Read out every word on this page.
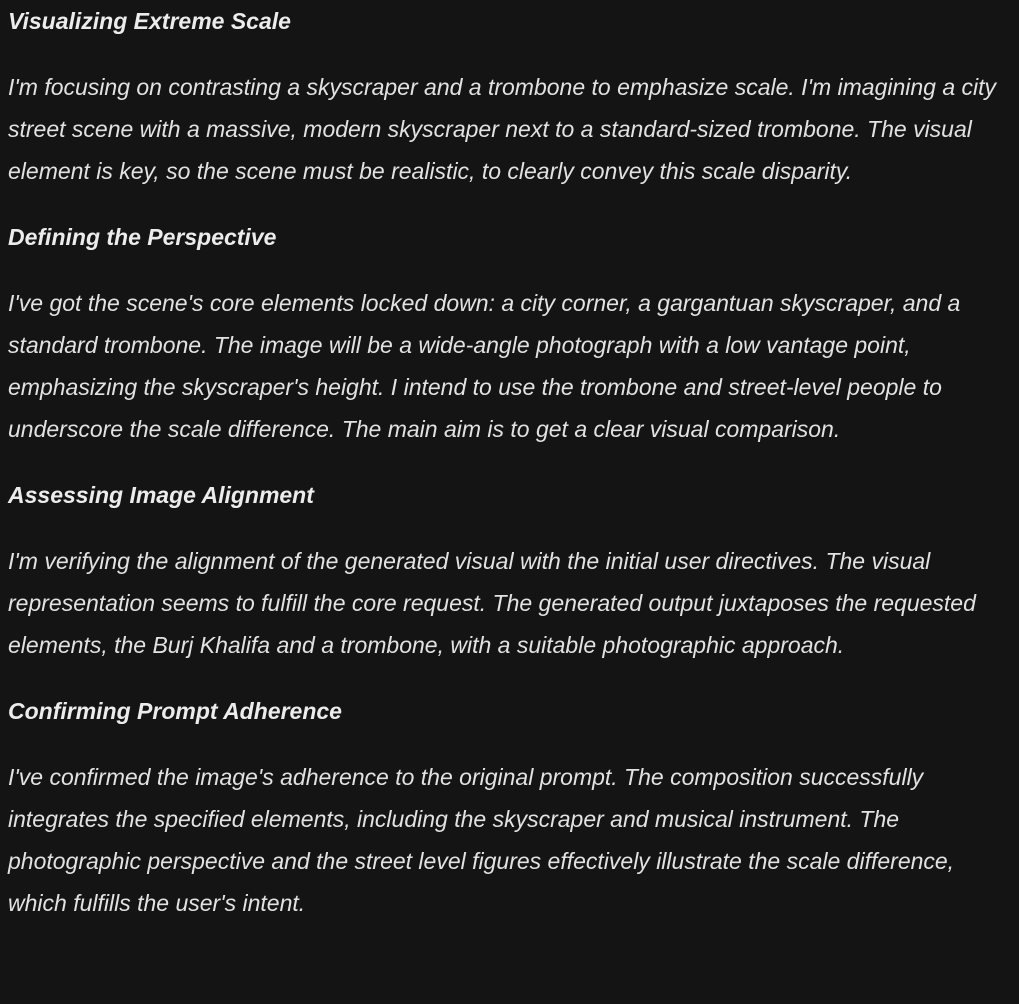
Visualizing Extreme Scale

I'm focusing on contrasting a skyscraper and a trombone to emphasize scale. I'm imagining a city street scene with a massive, modern skyscraper next to a standard-sized trombone. The visual element is key, so the scene must be realistic, to clearly convey this scale disparity.

Defining the Perspective

I've got the scene's core elements locked down: a city corner, a gargantuan skyscraper, and a standard trombone. The image will be a wide-angle photograph with a low vantage point, emphasizing the skyscraper's height. I intend to use the trombone and street-level people to underscore the scale difference. The main aim is to get a clear visual comparison.

Assessing Image Alignment

I'm verifying the alignment of the generated visual with the initial user directives. The visual representation seems to fulfill the core request. The generated output juxtaposes the requested elements, the Burj Khalifa and a trombone, with a suitable photographic approach.

Confirming Prompt Adherence

I've confirmed the image's adherence to the original prompt. The composition successfully integrates the specified elements, including the skyscraper and musical instrument. The photographic perspective and the street level figures effectively illustrate the scale difference, which fulfills the user's intent.
